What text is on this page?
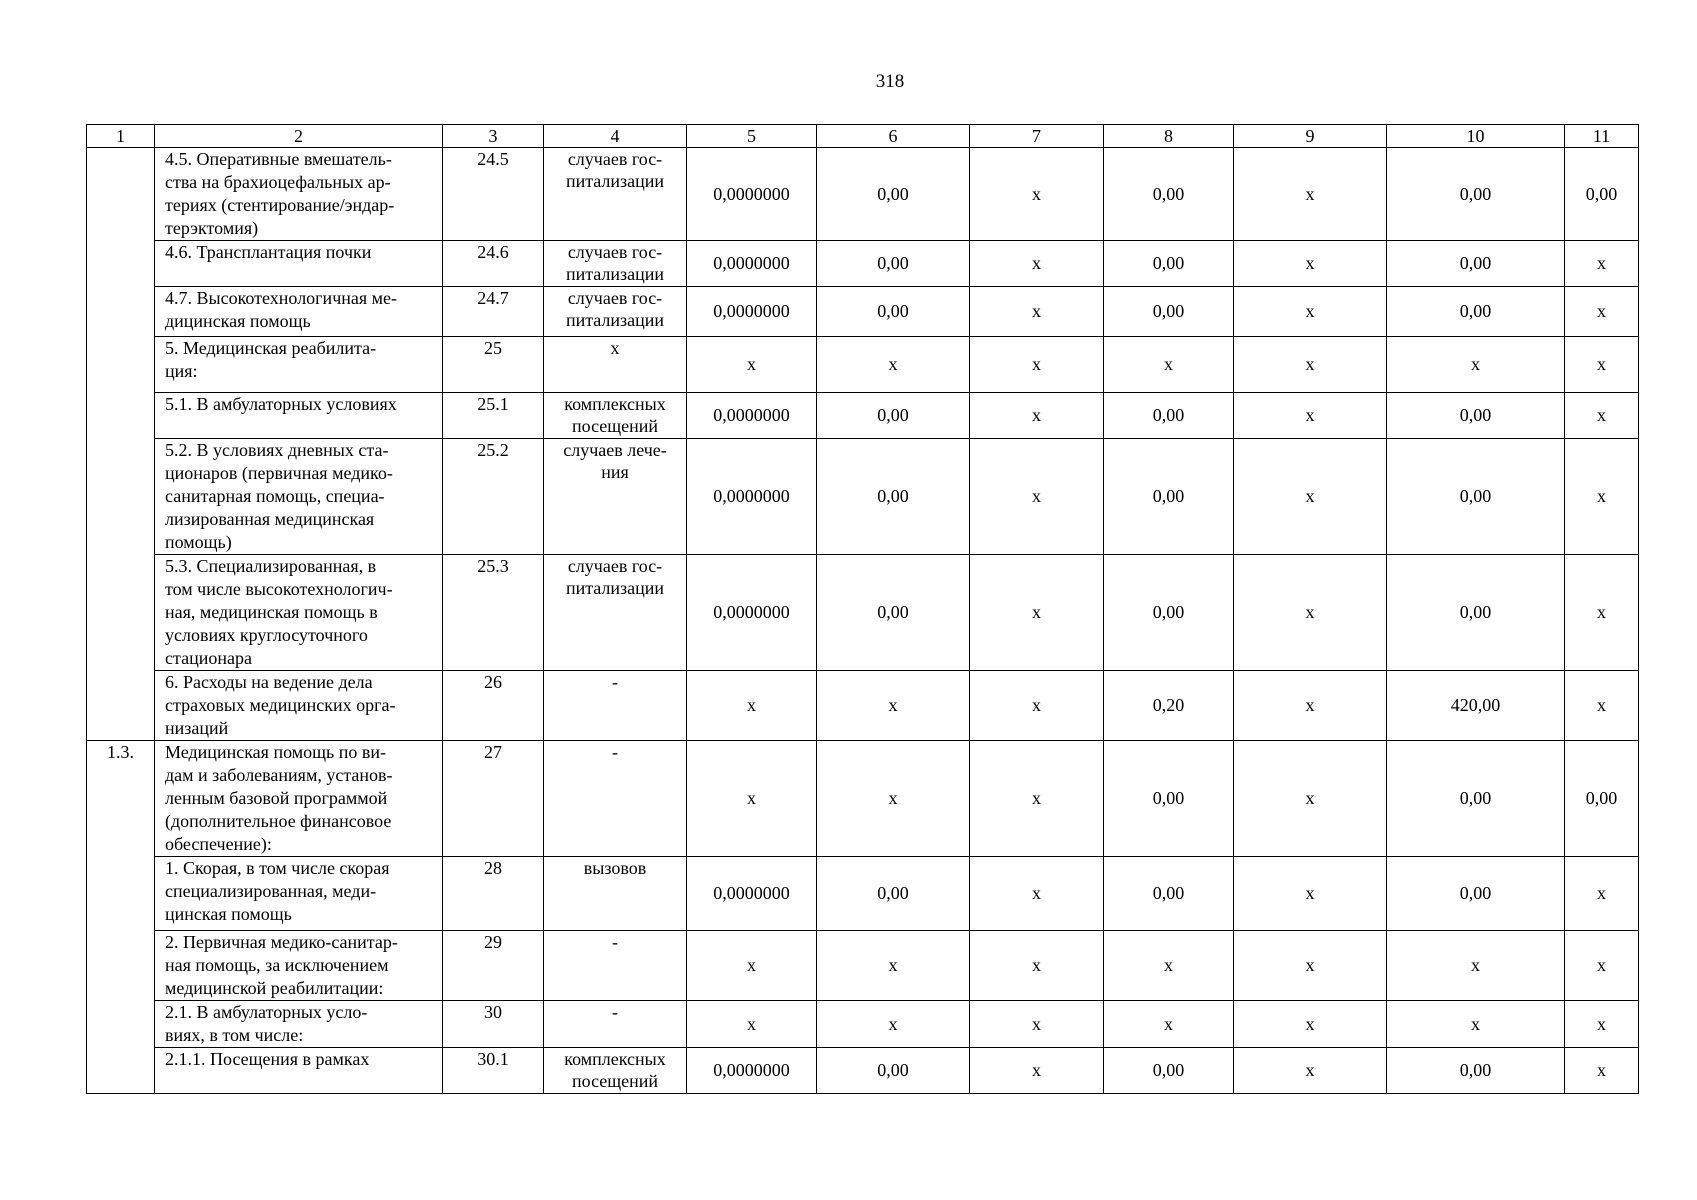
318
1	2	3	4	5	6	7	8	9	10	11
	4.5. Оперативные вмешатель-
ства на брахиоцефальных ар-
териях (стентирование/эндар-
терэктомия)	24.5	случаев гос-
питализации	0,0000000	0,00	x	0,00	x	0,00	0,00
	4.6. Трансплантация почки	24.6	случаев гос-
питализации	0,0000000	0,00	x	0,00	x	0,00	x
	4.7. Высокотехнологичная ме-
дицинская помощь	24.7	случаев гос-
питализации	0,0000000	0,00	x	0,00	x	0,00	x
	5. Медицинская реабилита-
ция:	25	x	x	x	x	x	x	x	x
	5.1. В амбулаторных условиях	25.1	комплексных
посещений	0,0000000	0,00	x	0,00	x	0,00	x
	5.2. В условиях дневных ста-
ционаров (первичная медико-
санитарная помощь, специа-
лизированная медицинская
помощь)	25.2	случаев лече-
ния	0,0000000	0,00	x	0,00	x	0,00	x
	5.3. Специализированная, в
том числе высокотехнологич-
ная, медицинская помощь в
условиях круглосуточного
стационара	25.3	случаев гос-
питализации	0,0000000	0,00	x	0,00	x	0,00	x
	6. Расходы на ведение дела
страховых медицинских орга-
низаций	26	-	x	x	x	0,20	x	420,00	x
1.3.	Медицинская помощь по ви-
дам и заболеваниям, установ-
ленным базовой программой
(дополнительное финансовое
обеспечение):	27	-	x	x	x	0,00	x	0,00	0,00
	1. Скорая, в том числе скорая
специализированная, меди-
цинская помощь	28	вызовов	0,0000000	0,00	x	0,00	x	0,00	x
	2. Первичная медико-санитар-
ная помощь, за исключением
медицинской реабилитации:	29	-	x	x	x	x	x	x	x
	2.1. В амбулаторных усло-
виях, в том числе:	30	-	x	x	x	x	x	x	x
	2.1.1. Посещения в рамках	30.1	комплексных
посещений	0,0000000	0,00	x	0,00	x	0,00	x
